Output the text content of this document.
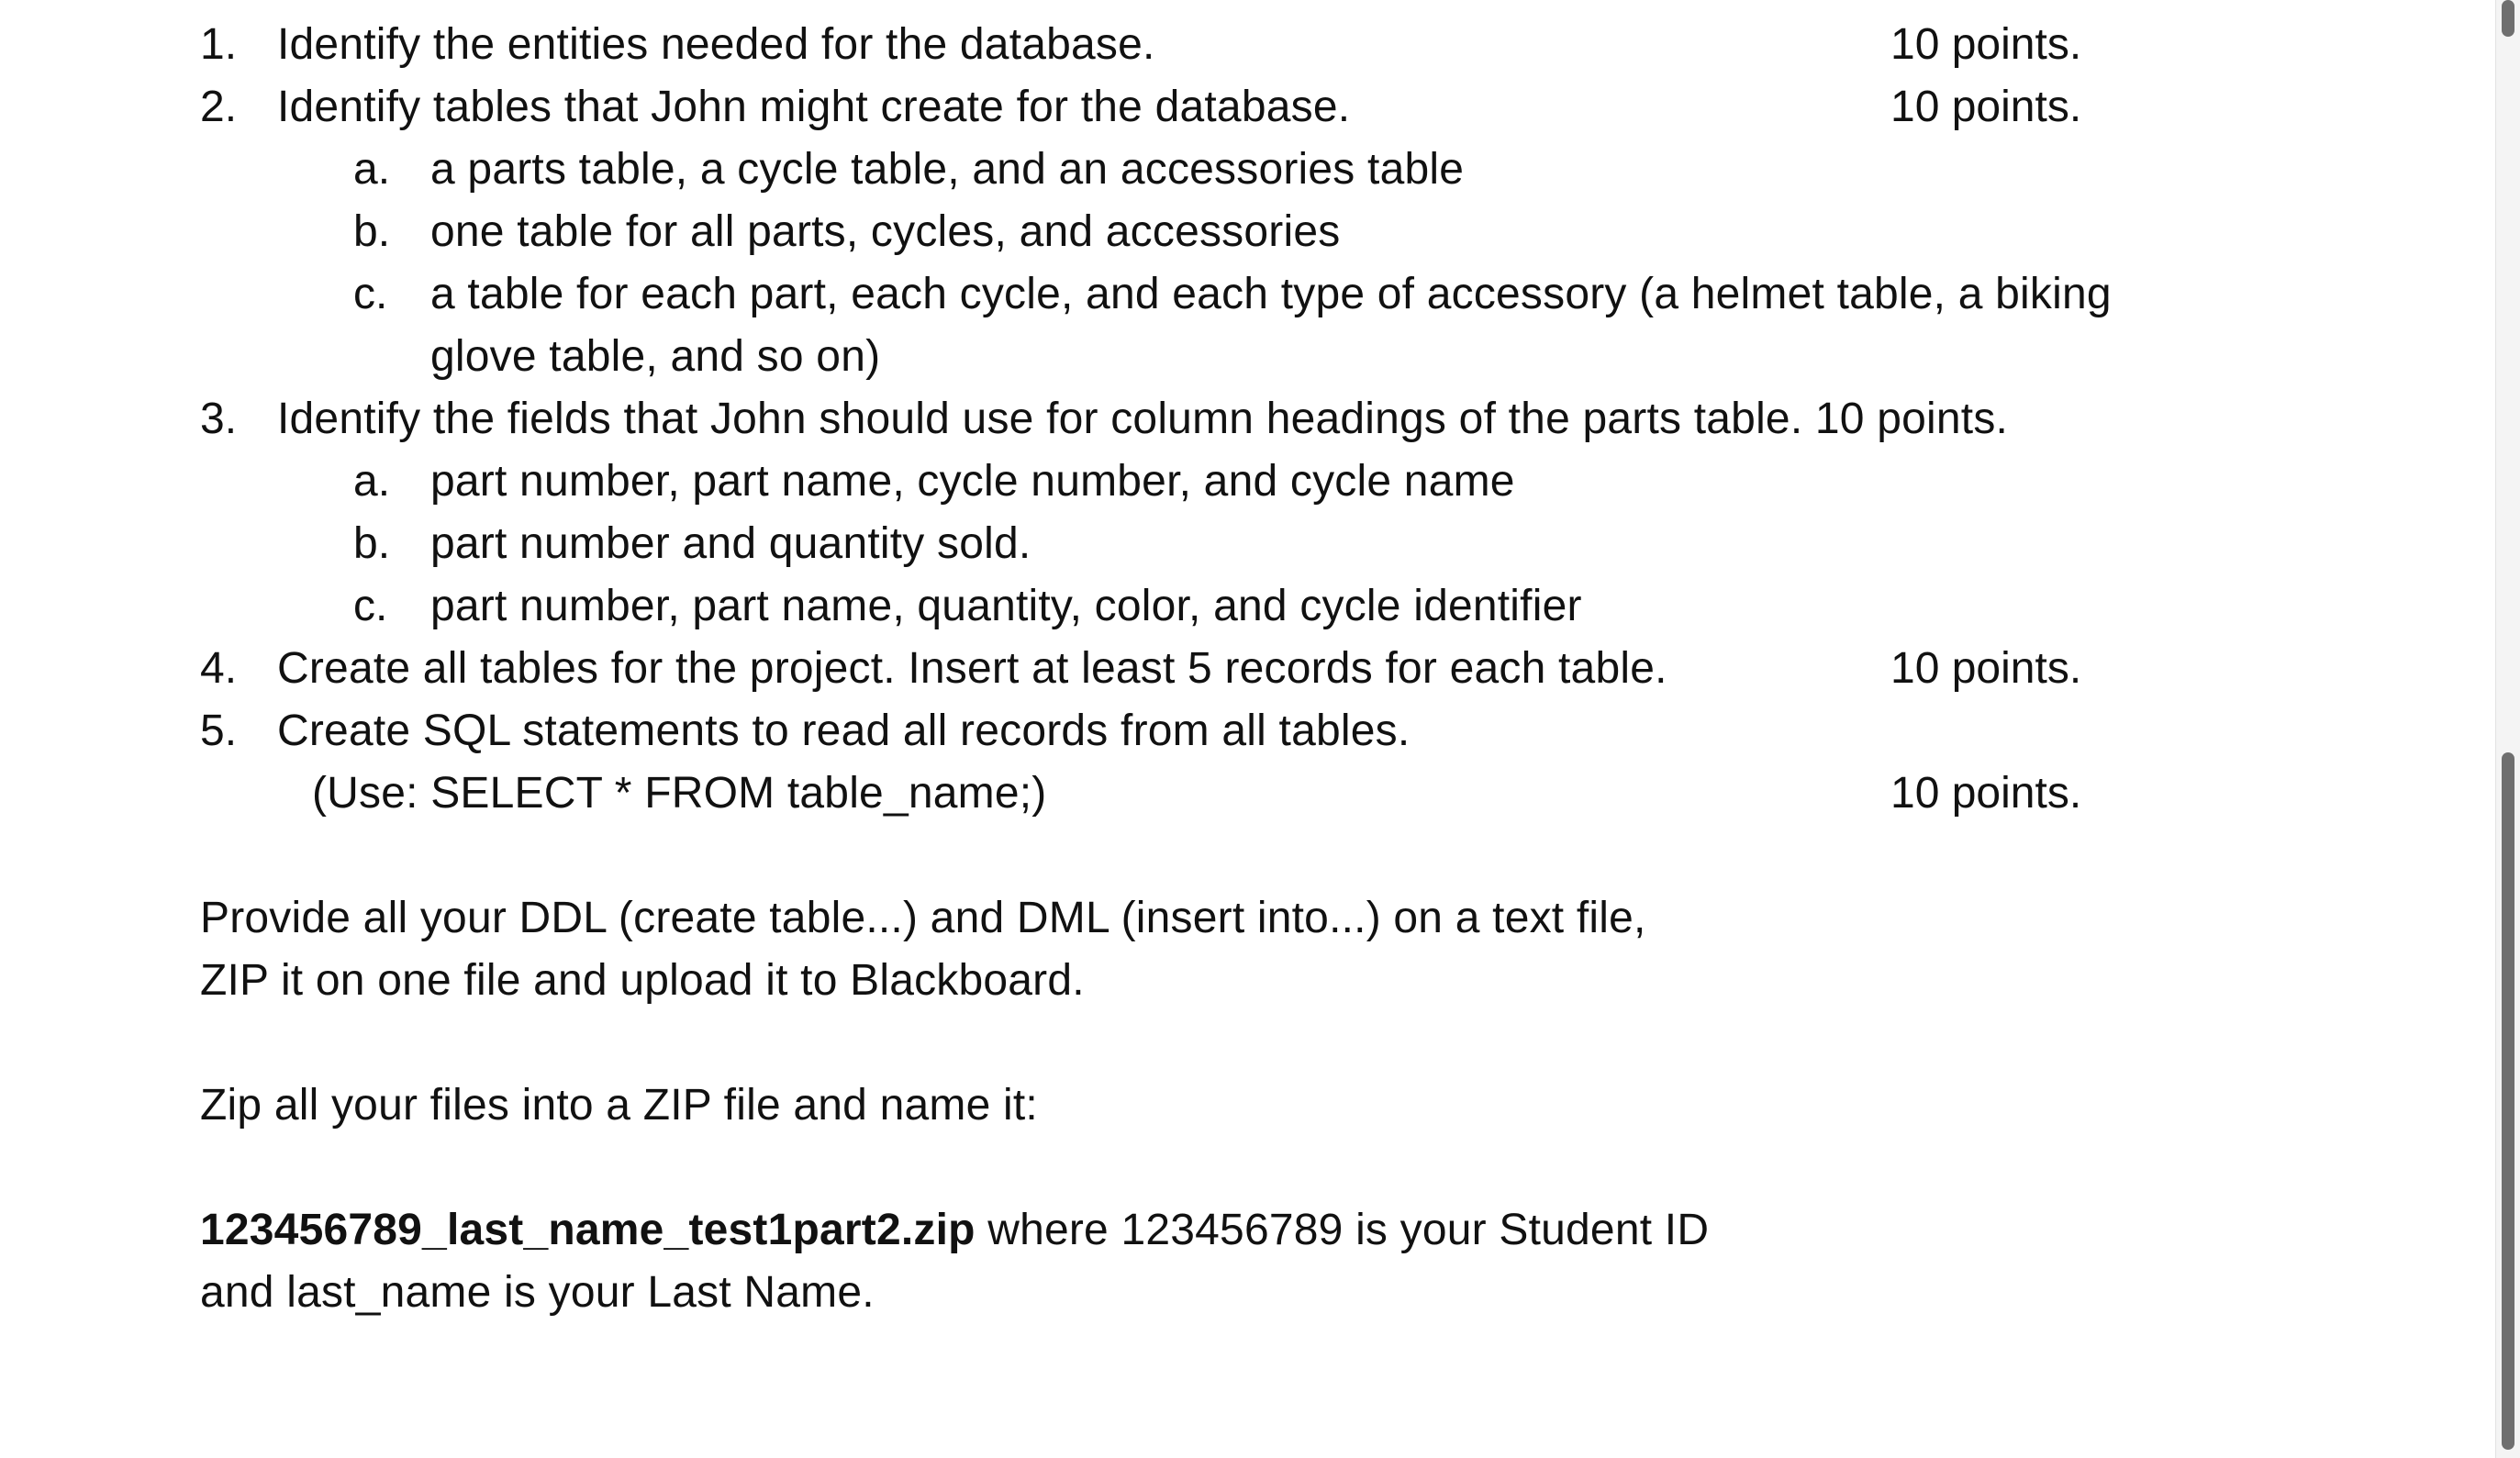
1. Identify the entities needed for the database.	10 points.
2. Identify tables that John might create for the database.	10 points.
a. a parts table, a cycle table, and an accessories table
b. one table for all parts, cycles, and accessories
c. a table for each part, each cycle, and each type of accessory (a helmet table, a biking
glove table, and so on)
3. Identify the fields that John should use for column headings of the parts table. 10 points.
a. part number, part name, cycle number, and cycle name
b. part number and quantity sold.
c. part number, part name, quantity, color, and cycle identifier
4. Create all tables for the project. Insert at least 5 records for each table.	10 points.
5. Create SQL statements to read all records from all tables.
(Use: SELECT * FROM table_name;)	10 points.
Provide all your DDL (create table...) and DML (insert into...) on a text file,
ZIP it on one file and upload it to Blackboard.
Zip all your files into a ZIP file and name it:
123456789_last_name_test1part2.zip where 123456789 is your Student ID
and last_name is your Last Name.
